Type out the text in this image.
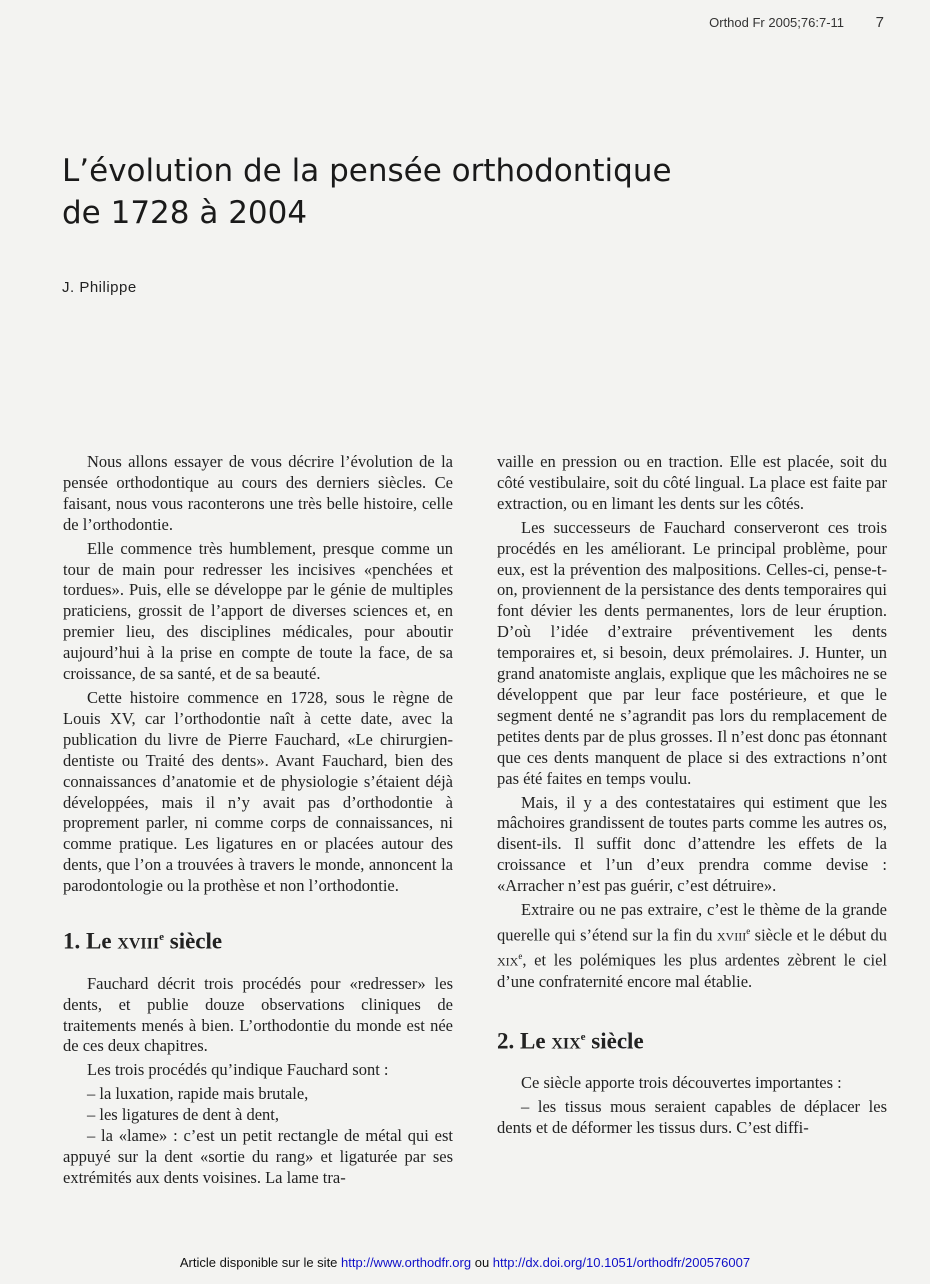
Orthod Fr 2005;76:7-11 7
L’évolution de la pensée orthodontique
de 1728 à 2004
J. Philippe

Nous allons essayer de vous décrire l’évolution de la pensée orthodontique au cours des derniers siècles. Ce faisant, nous vous raconterons une très belle histoire, celle de l’orthodontie.

Elle commence très humblement, presque comme un tour de main pour redresser les incisives «penchées et tordues». Puis, elle se développe par le génie de multiples praticiens, grossit de l’apport de diverses sciences et, en premier lieu, des disciplines médicales, pour aboutir aujourd’hui à la prise en compte de toute la face, de sa croissance, de sa santé, et de sa beauté.

Cette histoire commence en 1728, sous le règne de Louis XV, car l’orthodontie naît à cette date, avec la publication du livre de Pierre Fauchard, «Le chirurgien-dentiste ou Traité des dents». Avant Fauchard, bien des connaissances d’anatomie et de physiologie s’étaient déjà développées, mais il n’y avait pas d’orthodontie à proprement parler, ni comme corps de connaissances, ni comme pratique. Les ligatures en or placées autour des dents, que l’on a trouvées à travers le monde, annoncent la parodontologie ou la prothèse et non l’orthodontie.

1. Le xviii$^e$ siècle

Fauchard décrit trois procédés pour «redresser» les dents, et publie douze observations cliniques de traitements menés à bien. L’orthodontie du monde est née de ces deux chapitres.

Les trois procédés qu’indique Fauchard sont :

– la luxation, rapide mais brutale,

– les ligatures de dent à dent,

– la «lame» : c’est un petit rectangle de métal qui est appuyé sur la dent «sortie du rang» et ligaturée par ses extrémités aux dents voisines. La lame tra-

vaille en pression ou en traction. Elle est placée, soit du côté vestibulaire, soit du côté lingual. La place est faite par extraction, ou en limant les dents sur les côtés.

Les successeurs de Fauchard conserveront ces trois procédés en les améliorant. Le principal problème, pour eux, est la prévention des malpositions. Celles-ci, pense-t-on, proviennent de la persistance des dents temporaires qui font dévier les dents permanentes, lors de leur éruption. D’où l’idée d’extraire préventivement les dents temporaires et, si besoin, deux prémolaires. J. Hunter, un grand anatomiste anglais, explique que les mâchoires ne se développent que par leur face postérieure, et que le segment denté ne s’agrandit pas lors du remplacement de petites dents par de plus grosses. Il n’est donc pas étonnant que ces dents manquent de place si des extractions n’ont pas été faites en temps voulu.

Mais, il y a des contestataires qui estiment que les mâchoires grandissent de toutes parts comme les autres os, disent-ils. Il suffit donc d’attendre les effets de la croissance et l’un d’eux prendra comme devise : «Arracher n’est pas guérir, c’est détruire».

Extraire ou ne pas extraire, c’est le thème de la grande querelle qui s’étend sur la fin du xviii$^e$ siècle et le début du xix$^e$, et les polémiques les plus ardentes zèbrent le ciel d’une confraternité encore mal établie.

2. Le xix$^e$ siècle

Ce siècle apporte trois découvertes importantes :

– les tissus mous seraient capables de déplacer les dents et de déformer les tissus durs. C’est diffi-

Article disponible sur le site http://www.orthodfr.org ou http://dx.doi.org/10.1051/orthodfr/200576007
